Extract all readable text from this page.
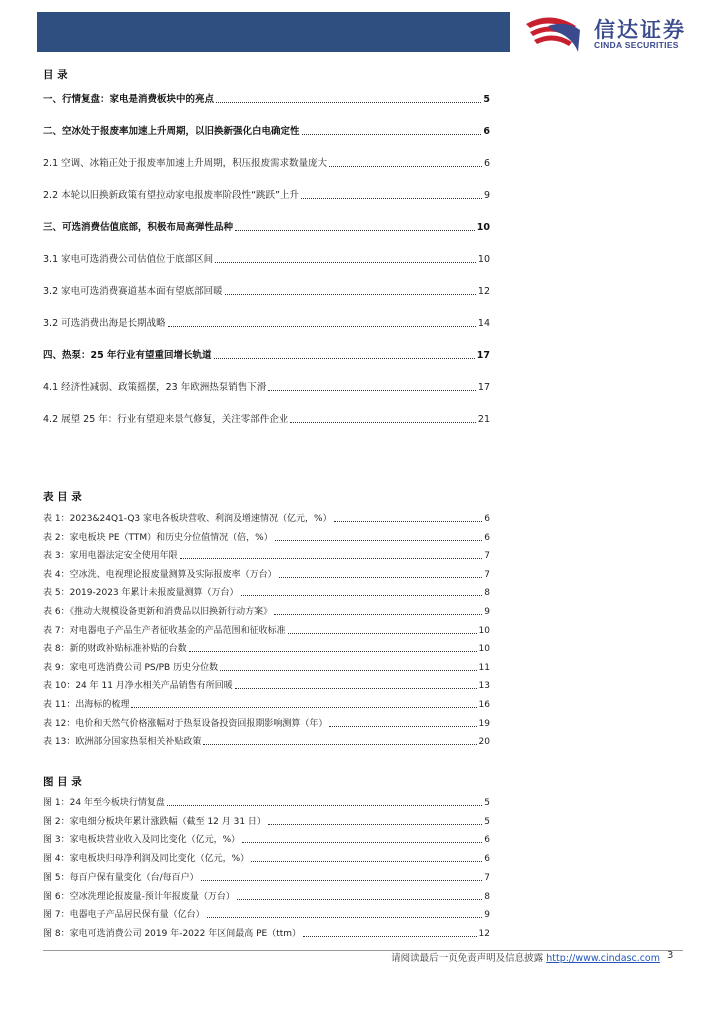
信达证券
CINDA SECURITIES
目 录
一、行情复盘：家电是消费板块中的亮点	5
二、空冰处于报废率加速上升周期，以旧换新强化白电确定性	6
2.1 空调、冰箱正处于报废率加速上升周期，积压报废需求数量庞大	6
2.2 本轮以旧换新政策有望拉动家电报废率阶段性“跳跃”上升	9
三、可选消费估值底部，积极布局高弹性品种	10
3.1 家电可选消费公司估值位于底部区间	10
3.2 家电可选消费赛道基本面有望底部回暖	12
3.2 可选消费出海是长期战略	14
四、热泵：25 年行业有望重回增长轨道	17
4.1 经济性减弱、政策摇摆，23 年欧洲热泵销售下滑	17
4.2 展望 25 年：行业有望迎来景气修复，关注零部件企业	21
表 目 录
表 1：2023&24Q1-Q3 家电各板块营收、利润及增速情况（亿元，%）	6
表 2：家电板块 PE（TTM）和历史分位值情况（倍，%）	6
表 3：家用电器法定安全使用年限	7
表 4：空冰洗、电视理论报废量测算及实际报废率（万台）	7
表 5：2019-2023 年累计未报废量测算（万台）	8
表 6：《推动大规模设备更新和消费品以旧换新行动方案》	9
表 7：对电器电子产品生产者征收基金的产品范围和征收标准	10
表 8：新的财政补贴标准补贴的台数	10
表 9：家电可选消费公司 PS/PB 历史分位数	11
表 10：24 年 11 月净水相关产品销售有所回暖	13
表 11：出海标的梳理	16
表 12：电价和天然气价格涨幅对于热泵设备投资回报期影响测算（年）	19
表 13：欧洲部分国家热泵相关补贴政策	20
图 目 录
图 1：24 年至今板块行情复盘	5
图 2：家电细分板块年累计涨跌幅（截至 12 月 31 日）	5
图 3：家电板块营业收入及同比变化（亿元，%）	6
图 4：家电板块归母净利润及同比变化（亿元，%）	6
图 5：每百户保有量变化（台/每百户）	7
图 6：空冰洗理论报废量-预计年报废量（万台）	8
图 7：电器电子产品居民保有量（亿台）	9
图 8：家电可选消费公司 2019 年-2022 年区间最高 PE（ttm）	12
请阅读最后一页免责声明及信息披露 http://www.cindasc.com 3
